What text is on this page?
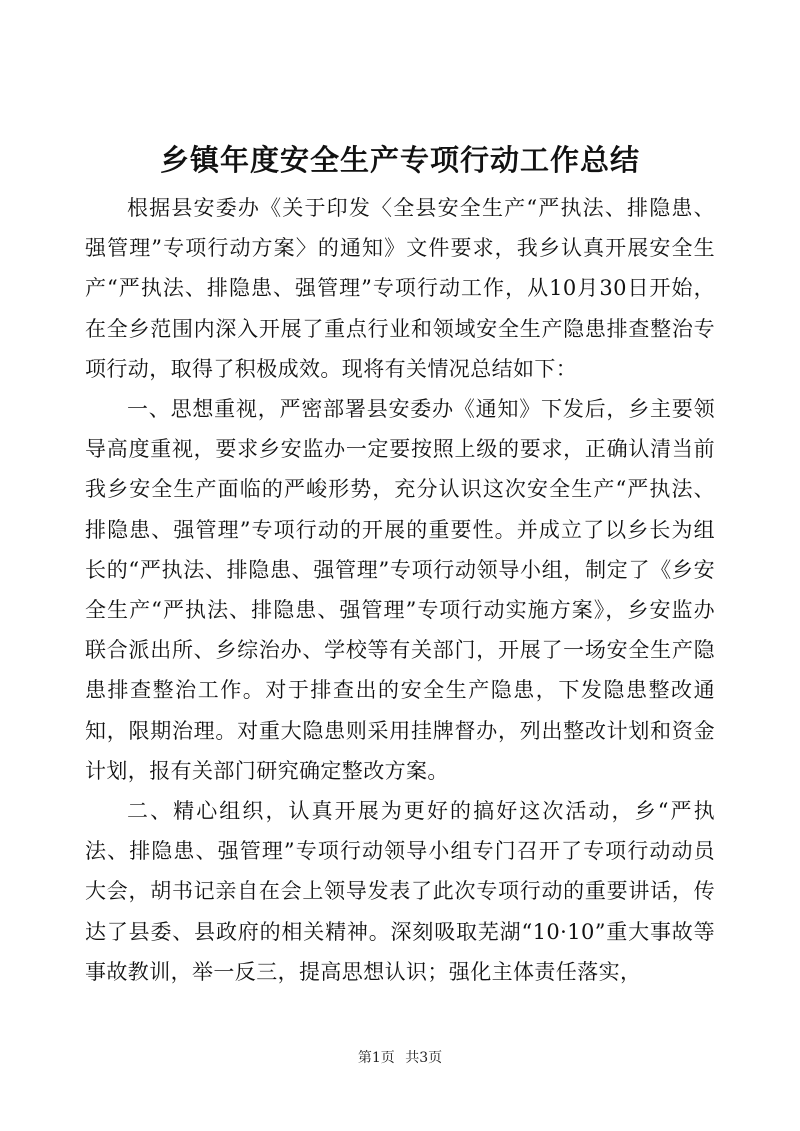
乡镇年度安全生产专项行动工作总结

根据县安委办《关于印发〈全县安全生产“严执法、排隐患、强管理”专项行动方案〉的通知》文件要求，我乡认真开展安全生产“严执法、排隐患、强管理”专项行动工作，从10月30日开始，在全乡范围内深入开展了重点行业和领域安全生产隐患排查整治专项行动，取得了积极成效。现将有关情况总结如下：

一、思想重视，严密部署县安委办《通知》下发后，乡主要领导高度重视，要求乡安监办一定要按照上级的要求，正确认清当前我乡安全生产面临的严峻形势，充分认识这次安全生产“严执法、排隐患、强管理”专项行动的开展的重要性。并成立了以乡长为组长的“严执法、排隐患、强管理”专项行动领导小组，制定了《乡安全生产“严执法、排隐患、强管理”专项行动实施方案》，乡安监办联合派出所、乡综治办、学校等有关部门，开展了一场安全生产隐患排查整治工作。对于排查出的安全生产隐患，下发隐患整改通知，限期治理。对重大隐患则采用挂牌督办，列出整改计划和资金计划，报有关部门研究确定整改方案。

二、精心组织，认真开展为更好的搞好这次活动，乡“严执法、排隐患、强管理”专项行动领导小组专门召开了专项行动动员大会，胡书记亲自在会上领导发表了此次专项行动的重要讲话，传达了县委、县政府的相关精神。深刻吸取芜湖“10·10”重大事故等事故教训，举一反三，提高思想认识；强化主体责任落实，

第1页 共3页
